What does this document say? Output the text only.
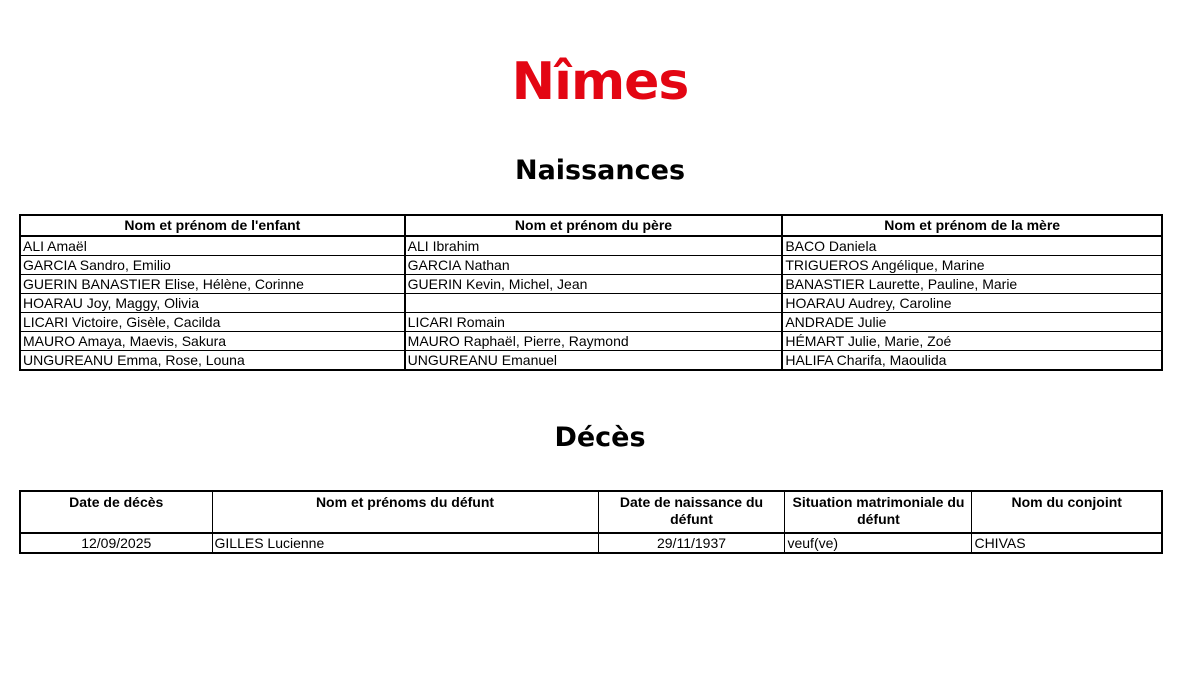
Nîmes
Naissances
Nom et prénom de l'enfant	Nom et prénom du père	Nom et prénom de la mère
ALI Amaël	ALI Ibrahim	BACO Daniela
GARCIA Sandro, Emilio	GARCIA Nathan	TRIGUEROS Angélique, Marine
GUERIN BANASTIER Elise, Hélène, Corinne	GUERIN Kevin, Michel, Jean	BANASTIER Laurette, Pauline, Marie
HOARAU Joy, Maggy, Olivia		HOARAU Audrey, Caroline
LICARI Victoire, Gisèle, Cacilda	LICARI Romain	ANDRADE Julie
MAURO Amaya, Maevis, Sakura	MAURO Raphaël, Pierre, Raymond	HÉMART Julie, Marie, Zoé
UNGUREANU Emma, Rose, Louna	UNGUREANU Emanuel	HALIFA Charifa, Maoulida
Décès
Date de décès	Nom et prénoms du défunt	Date de naissance du défunt	Situation matrimoniale du défunt	Nom du conjoint
12/09/2025	GILLES Lucienne	29/11/1937	veuf(ve)	CHIVAS
